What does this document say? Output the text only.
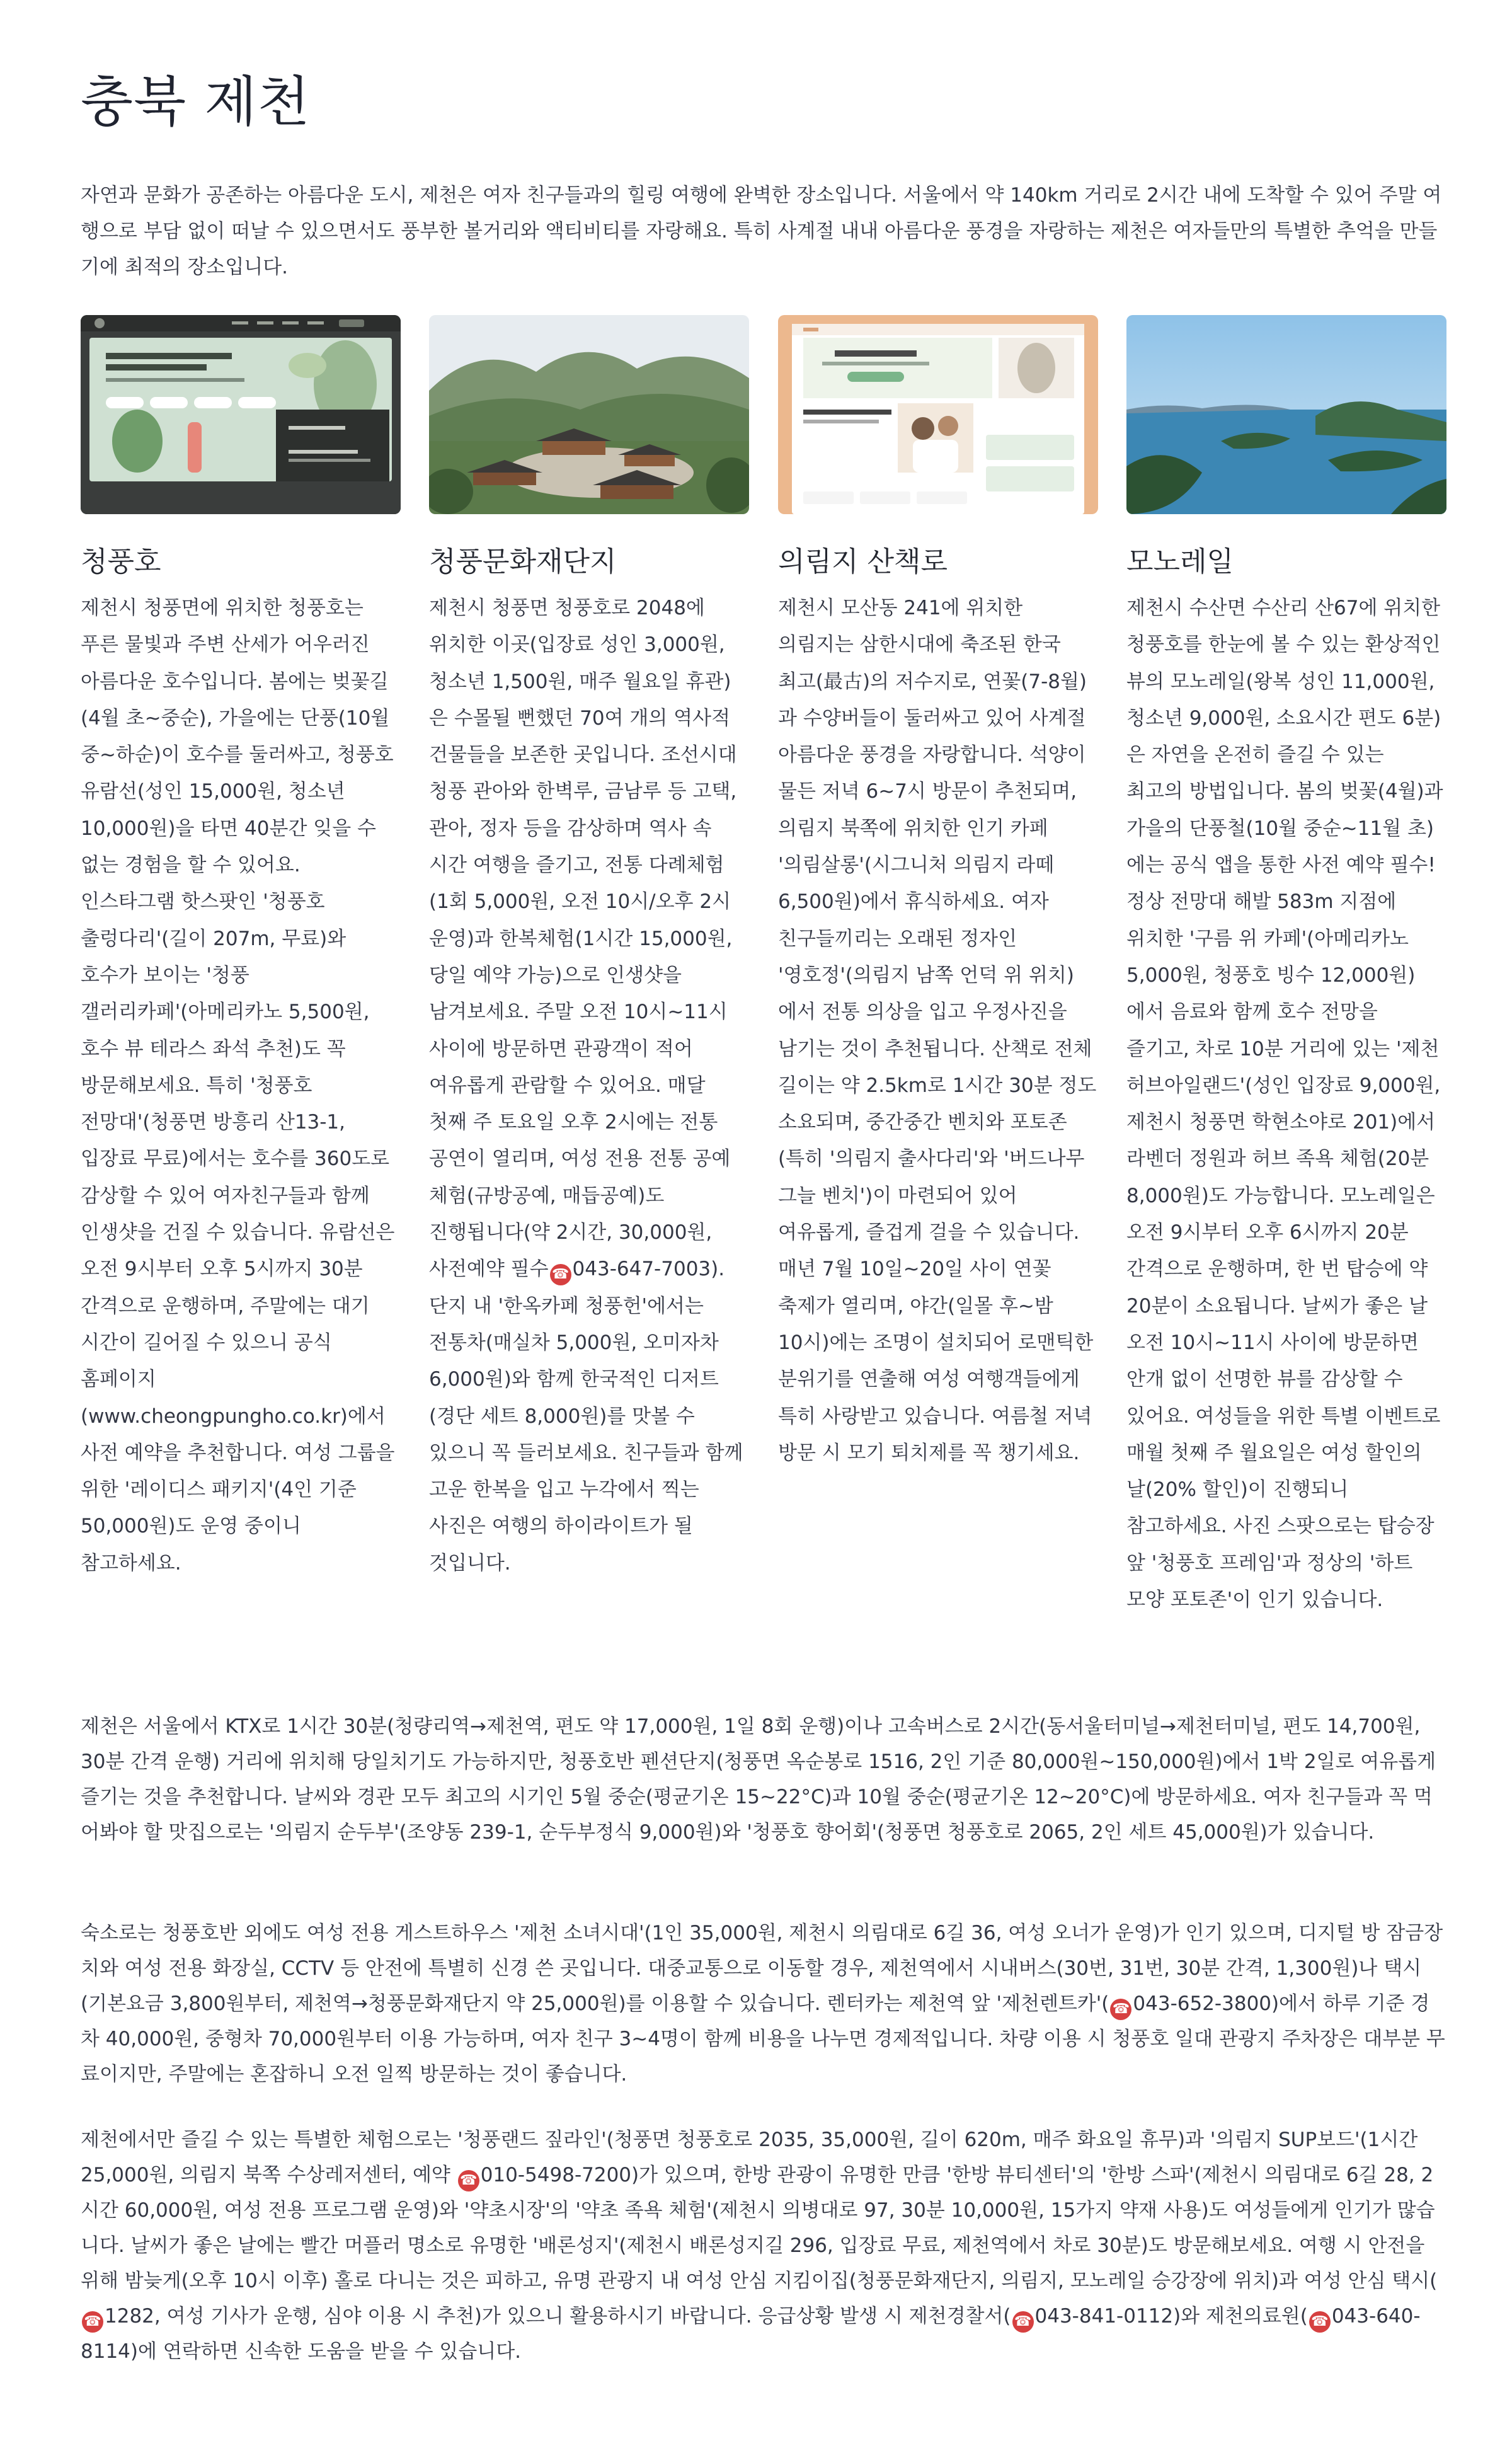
충북 제천

자연과 문화가 공존하는 아름다운 도시, 제천은 여자 친구들과의 힐링 여행에 완벽한 장소입니다. 서울에서 약 140km 거리로 2시간 내에 도착할 수 있어 주말 여행으로 부담 없이 떠날 수 있으면서도 풍부한 볼거리와 액티비티를 자랑해요. 특히 사계절 내내 아름다운 풍경을 자랑하는 제천은 여자들만의 특별한 추억을 만들기에 최적의 장소입니다.

청풍호

제천시 청풍면에 위치한 청풍호는 푸른 물빛과 주변 산세가 어우러진 아름다운 호수입니다. 봄에는 벚꽃길(4월 초~중순), 가을에는 단풍(10월 중~하순)이 호수를 둘러싸고, 청풍호 유람선(성인 15,000원, 청소년 10,000원)을 타면 40분간 잊을 수 없는 경험을 할 수 있어요. 인스타그램 핫스팟인 '청풍호 출렁다리'(길이 207m, 무료)와 호수가 보이는 '청풍 갤러리카페'(아메리카노 5,500원, 호수 뷰 테라스 좌석 추천)도 꼭 방문해보세요. 특히 '청풍호 전망대'(청풍면 방흥리 산13-1, 입장료 무료)에서는 호수를 360도로 감상할 수 있어 여자친구들과 함께 인생샷을 건질 수 있습니다. 유람선은 오전 9시부터 오후 5시까지 30분 간격으로 운행하며, 주말에는 대기 시간이 길어질 수 있으니 공식 홈페이지(www.cheongpungho.co.kr)에서 사전 예약을 추천합니다. 여성 그룹을 위한 '레이디스 패키지'(4인 기준 50,000원)도 운영 중이니 참고하세요.

청풍문화재단지

제천시 청풍면 청풍호로 2048에 위치한 이곳(입장료 성인 3,000원, 청소년 1,500원, 매주 월요일 휴관)은 수몰될 뻔했던 70여 개의 역사적 건물들을 보존한 곳입니다. 조선시대 청풍 관아와 한벽루, 금남루 등 고택, 관아, 정자 등을 감상하며 역사 속 시간 여행을 즐기고, 전통 다례체험(1회 5,000원, 오전 10시/오후 2시 운영)과 한복체험(1시간 15,000원, 당일 예약 가능)으로 인생샷을 남겨보세요. 주말 오전 10시~11시 사이에 방문하면 관광객이 적어 여유롭게 관람할 수 있어요. 매달 첫째 주 토요일 오후 2시에는 전통 공연이 열리며, 여성 전용 전통 공예 체험(규방공예, 매듭공예)도 진행됩니다(약 2시간, 30,000원, 사전예약 필수 ☎ 043-647-7003). 단지 내 '한옥카페 청풍헌'에서는 전통차(매실차 5,000원, 오미자차 6,000원)와 함께 한국적인 디저트(경단 세트 8,000원)를 맛볼 수 있으니 꼭 들러보세요. 친구들과 함께 고운 한복을 입고 누각에서 찍는 사진은 여행의 하이라이트가 될 것입니다.

의림지 산책로

제천시 모산동 241에 위치한 의림지는 삼한시대에 축조된 한국 최고(最古)의 저수지로, 연꽃(7-8월)과 수양버들이 둘러싸고 있어 사계절 아름다운 풍경을 자랑합니다. 석양이 물든 저녁 6~7시 방문이 추천되며, 의림지 북쪽에 위치한 인기 카페 '의림살롱'(시그니처 의림지 라떼 6,500원)에서 휴식하세요. 여자 친구들끼리는 오래된 정자인 '영호정'(의림지 남쪽 언덕 위 위치)에서 전통 의상을 입고 우정사진을 남기는 것이 추천됩니다. 산책로 전체 길이는 약 2.5km로 1시간 30분 정도 소요되며, 중간중간 벤치와 포토존(특히 '의림지 출사다리'와 '버드나무 그늘 벤치')이 마련되어 있어 여유롭게, 즐겁게 걸을 수 있습니다. 매년 7월 10일~20일 사이 연꽃 축제가 열리며, 야간(일몰 후~밤 10시)에는 조명이 설치되어 로맨틱한 분위기를 연출해 여성 여행객들에게 특히 사랑받고 있습니다. 여름철 저녁 방문 시 모기 퇴치제를 꼭 챙기세요.

모노레일

제천시 수산면 수산리 산67에 위치한 청풍호를 한눈에 볼 수 있는 환상적인 뷰의 모노레일(왕복 성인 11,000원, 청소년 9,000원, 소요시간 편도 6분)은 자연을 온전히 즐길 수 있는 최고의 방법입니다. 봄의 벚꽃(4월)과 가을의 단풍철(10월 중순~11월 초)에는 공식 앱을 통한 사전 예약 필수! 정상 전망대 해발 583m 지점에 위치한 '구름 위 카페'(아메리카노 5,000원, 청풍호 빙수 12,000원)에서 음료와 함께 호수 전망을 즐기고, 차로 10분 거리에 있는 '제천 허브아일랜드'(성인 입장료 9,000원, 제천시 청풍면 학현소야로 201)에서 라벤더 정원과 허브 족욕 체험(20분 8,000원)도 가능합니다. 모노레일은 오전 9시부터 오후 6시까지 20분 간격으로 운행하며, 한 번 탑승에 약 20분이 소요됩니다. 날씨가 좋은 날 오전 10시~11시 사이에 방문하면 안개 없이 선명한 뷰를 감상할 수 있어요. 여성들을 위한 특별 이벤트로 매월 첫째 주 월요일은 여성 할인의 날(20% 할인)이 진행되니 참고하세요. 사진 스팟으로는 탑승장 앞 '청풍호 프레임'과 정상의 '하트 모양 포토존'이 인기 있습니다.

제천은 서울에서 KTX로 1시간 30분(청량리역→제천역, 편도 약 17,000원, 1일 8회 운행)이나 고속버스로 2시간(동서울터미널→제천터미널, 편도 14,700원, 30분 간격 운행) 거리에 위치해 당일치기도 가능하지만, 청풍호반 펜션단지(청풍면 옥순봉로 1516, 2인 기준 80,000원~150,000원)에서 1박 2일로 여유롭게 즐기는 것을 추천합니다. 날씨와 경관 모두 최고의 시기인 5월 중순(평균기온 15~22°C)과 10월 중순(평균기온 12~20°C)에 방문하세요. 여자 친구들과 꼭 먹어봐야 할 맛집으로는 '의림지 순두부'(조양동 239-1, 순두부정식 9,000원)와 '청풍호 향어회'(청풍면 청풍호로 2065, 2인 세트 45,000원)가 있습니다.

숙소로는 청풍호반 외에도 여성 전용 게스트하우스 '제천 소녀시대'(1인 35,000원, 제천시 의림대로 6길 36, 여성 오너가 운영)가 인기 있으며, 디지털 방 잠금장치와 여성 전용 화장실, CCTV 등 안전에 특별히 신경 쓴 곳입니다. 대중교통으로 이동할 경우, 제천역에서 시내버스(30번, 31번, 30분 간격, 1,300원)나 택시(기본요금 3,800원부터, 제천역→청풍문화재단지 약 25,000원)를 이용할 수 있습니다. 렌터카는 제천역 앞 '제천렌트카'( ☎ 043-652-3800)에서 하루 기준 경차 40,000원, 중형차 70,000원부터 이용 가능하며, 여자 친구 3~4명이 함께 비용을 나누면 경제적입니다. 차량 이용 시 청풍호 일대 관광지 주차장은 대부분 무료이지만, 주말에는 혼잡하니 오전 일찍 방문하는 것이 좋습니다.

제천에서만 즐길 수 있는 특별한 체험으로는 '청풍랜드 짚라인'(청풍면 청풍호로 2035, 35,000원, 길이 620m, 매주 화요일 휴무)과 '의림지 SUP보드'(1시간 25,000원, 의림지 북쪽 수상레저센터, 예약 ☎ 010-5498-7200)가 있으며, 한방 관광이 유명한 만큼 '한방 뷰티센터'의 '한방 스파'(제천시 의림대로 6길 28, 2시간 60,000원, 여성 전용 프로그램 운영)와 '약초시장'의 '약초 족욕 체험'(제천시 의병대로 97, 30분 10,000원, 15가지 약재 사용)도 여성들에게 인기가 많습니다. 날씨가 좋은 날에는 빨간 머플러 명소로 유명한 '배론성지'(제천시 배론성지길 296, 입장료 무료, 제천역에서 차로 30분)도 방문해보세요. 여행 시 안전을 위해 밤늦게(오후 10시 이후) 홀로 다니는 것은 피하고, 유명 관광지 내 여성 안심 지킴이집(청풍문화재단지, 의림지, 모노레일 승강장에 위치)과 여성 안심 택시(☎ 1282, 여성 기사가 운행, 심야 이용 시 추천)가 있으니 활용하시기 바랍니다. 응급상황 발생 시 제천경찰서( ☎ 043-841-0112)와 제천의료원( ☎ 043-640-8114)에 연락하면 신속한 도움을 받을 수 있습니다.
